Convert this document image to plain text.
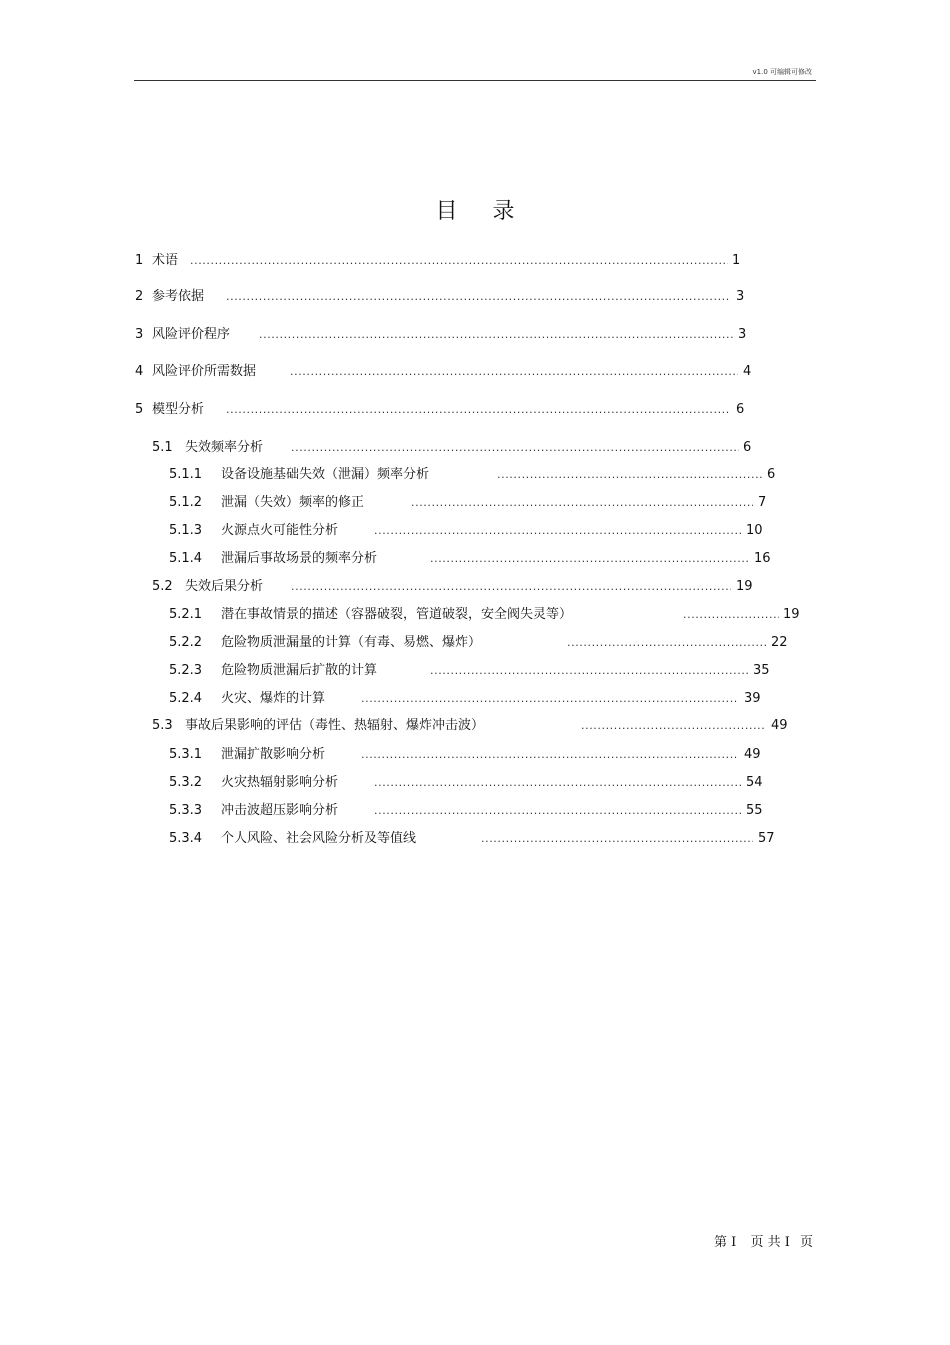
v1.0 可编辑可修改
目 录
1 术语 .....	1
2 参考依据 .....	3
3 风险评价程序 .....	3
4 风险评价所需数据 .....	4
5 模型分析 .....	6
5.1 失效频率分析 .....	6
5.1.1 设备设施基础失效（泄漏）频率分析 .....	6
5.1.2 泄漏（失效）频率的修正 .....	7
5.1.3 火源点火可能性分析 .....	10
5.1.4 泄漏后事故场景的频率分析 .....	16
5.2 失效后果分析 .....	19
5.2.1 潜在事故情景的描述（容器破裂，管道破裂，安全阀失灵等） .....	19
5.2.2 危险物质泄漏量的计算（有毒、易燃、爆炸） .....	22
5.2.3 危险物质泄漏后扩散的计算 .....	35
5.2.4 火灾、爆炸的计算 .....	39
5.3 事故后果影响的评估（毒性、热辐射、爆炸冲击波） .....	49
5.3.1 泄漏扩散影响分析 .....	49
5.3.2 火灾热辐射影响分析 .....	54
5.3.3 冲击波超压影响分析 .....	55
5.3.4 个人风险、社会风险分析及等值线 .....	57
第 I 页 共 I 页
